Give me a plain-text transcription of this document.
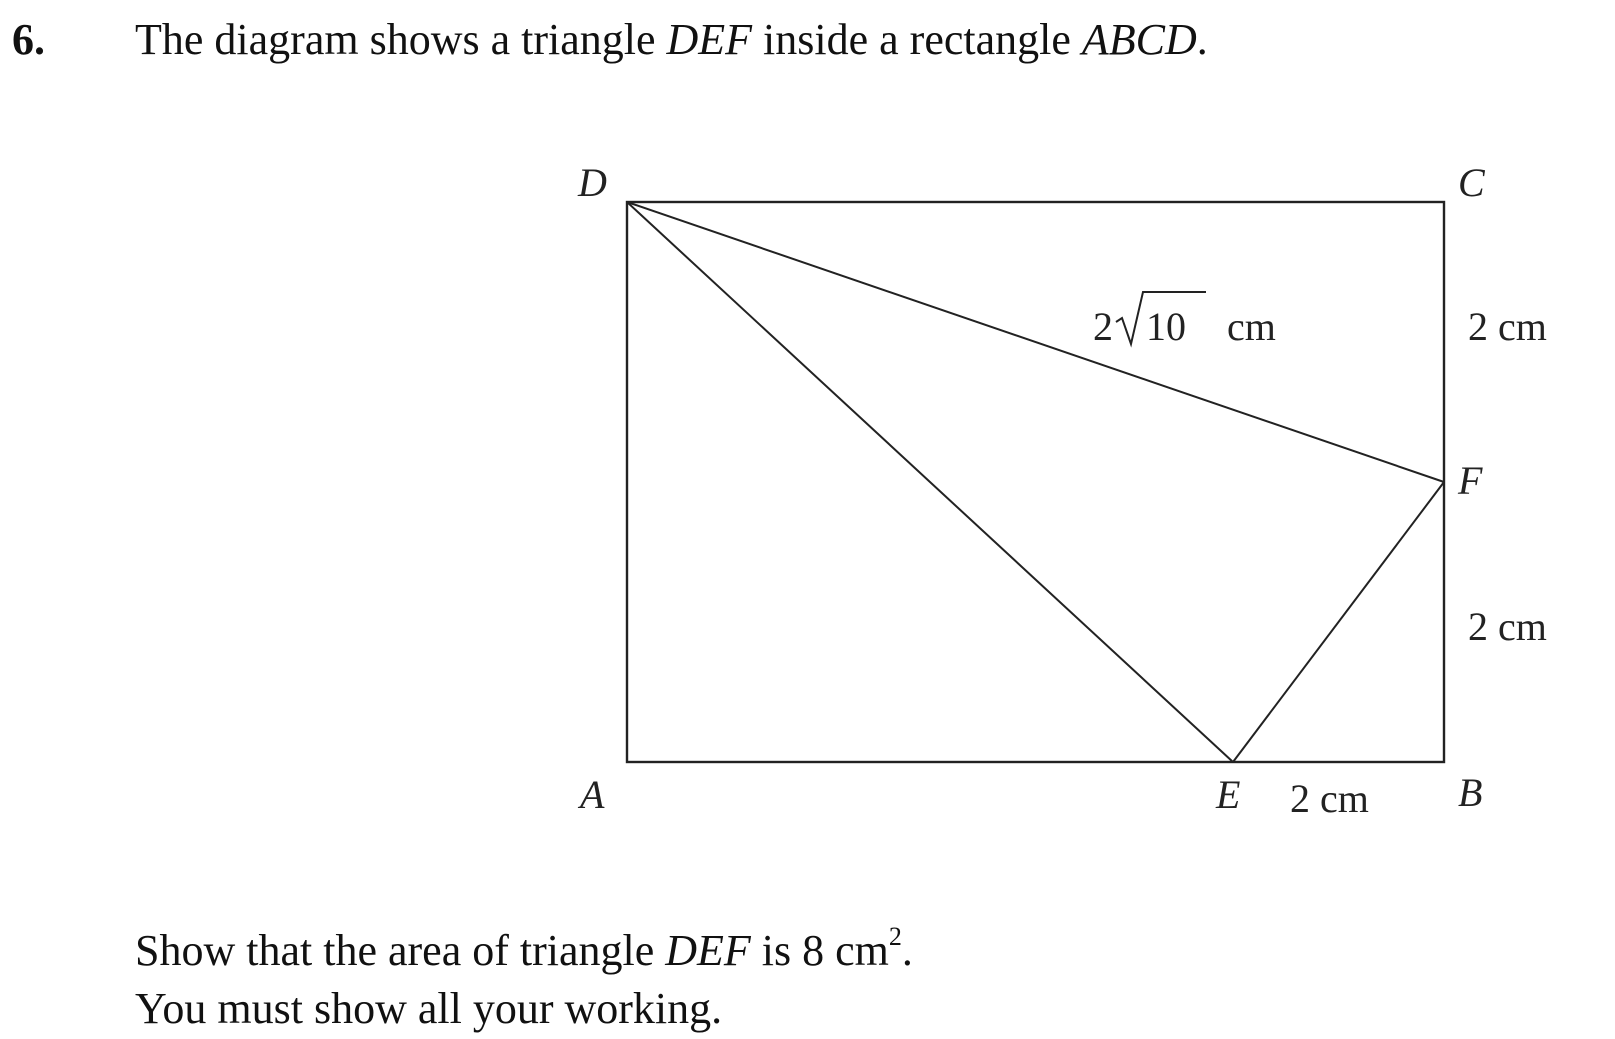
6. The diagram shows a triangle DEF inside a rectangle ABCD.
D	C
F
A	E	B
2 10 cm	2 cm
2 cm
2 cm
Show that the area of triangle DEF is 8 $cm^2$.
You must show all your working.
